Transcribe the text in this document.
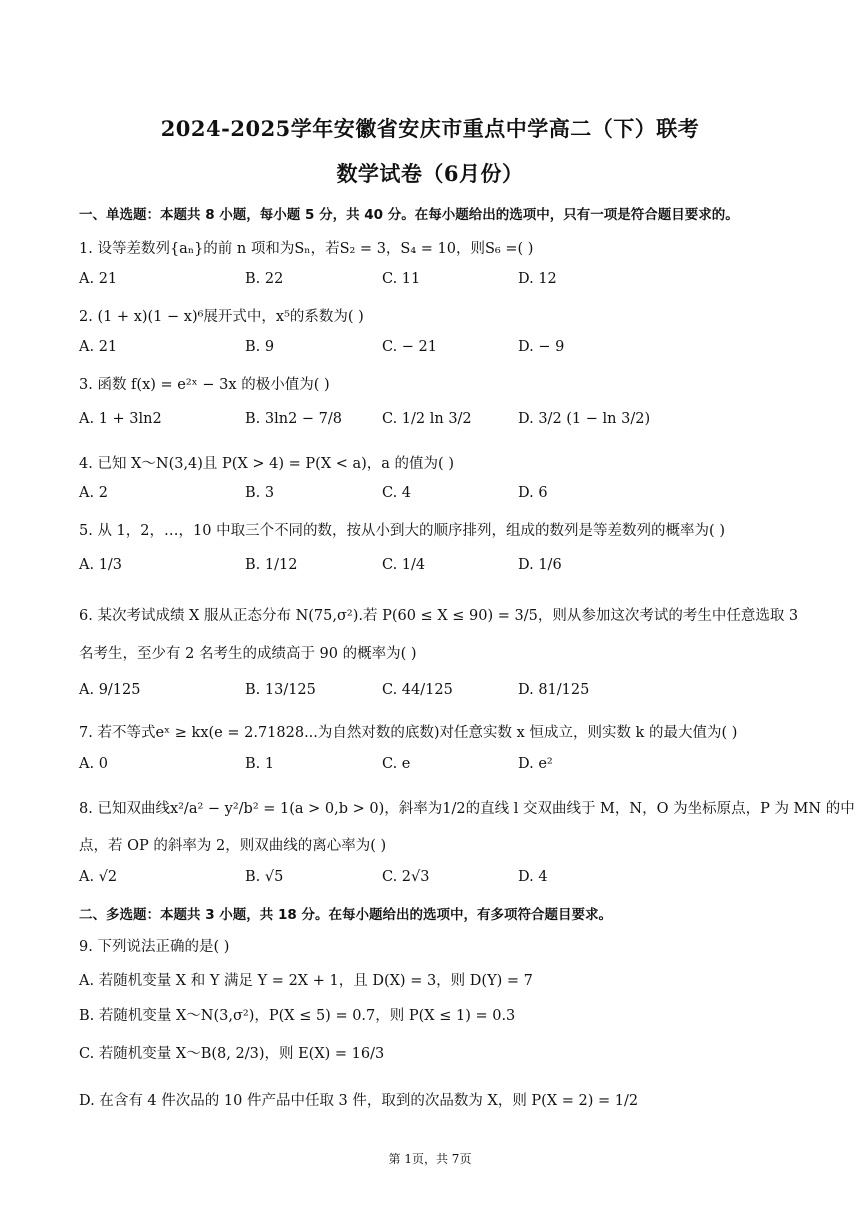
2024-2025学年安徽省安庆市重点中学高二（下）联考
数学试卷（6月份）
一、单选题：本题共 8 小题，每小题 5 分，共 40 分。在每小题给出的选项中，只有一项是符合题目要求的。
1. 设等差数列{aₙ}的前 n 项和为Sₙ，若S₂ = 3，S₄ = 10，则S₆ =( )
A. 21	B. 22	C. 11	D. 12
2. (1 + x)(1 − x)⁶展开式中，x⁵的系数为( )
A. 21	B. 9	C. − 21	D. − 9
3. 函数 f(x) = e²ˣ − 3x 的极小值为( )
A. 1 + 3ln2	B. 3ln2 − 7/8	C. 1/2 ln 3/2	D. 3/2 (1 − ln 3/2)
4. 已知 X～N(3,4)且 P(X > 4) = P(X < a)，a 的值为( )
A. 2	B. 3	C. 4	D. 6
5. 从 1，2，…，10 中取三个不同的数，按从小到大的顺序排列，组成的数列是等差数列的概率为( )
A. 1/3	B. 1/12	C. 1/4	D. 1/6
6. 某次考试成绩 X 服从正态分布 N(75,σ²).若 P(60 ≤ X ≤ 90) = 3/5，则从参加这次考试的考生中任意选取 3
名考生，至少有 2 名考生的成绩高于 90 的概率为( )
A. 9/125	B. 13/125	C. 44/125	D. 81/125
7. 若不等式eˣ ≥ kx(e = 2.71828...为自然对数的底数)对任意实数 x 恒成立，则实数 k 的最大值为( )
A. 0	B. 1	C. e	D. e²
8. 已知双曲线x²/a² − y²/b² = 1(a > 0,b > 0)，斜率为1/2的直线 l 交双曲线于 M，N，O 为坐标原点，P 为 MN 的中
点，若 OP 的斜率为 2，则双曲线的离心率为( )
A. √2	B. √5	C. 2√3	D. 4
二、多选题：本题共 3 小题，共 18 分。在每小题给出的选项中，有多项符合题目要求。
9. 下列说法正确的是( )
A. 若随机变量 X 和 Y 满足 Y = 2X + 1，且 D(X) = 3，则 D(Y) = 7
B. 若随机变量 X～N(3,σ²)，P(X ≤ 5) = 0.7，则 P(X ≤ 1) = 0.3
C. 若随机变量 X～B(8, 2/3)，则 E(X) = 16/3
D. 在含有 4 件次品的 10 件产品中任取 3 件，取到的次品数为 X，则 P(X = 2) = 1/2
第 1页，共 7页
